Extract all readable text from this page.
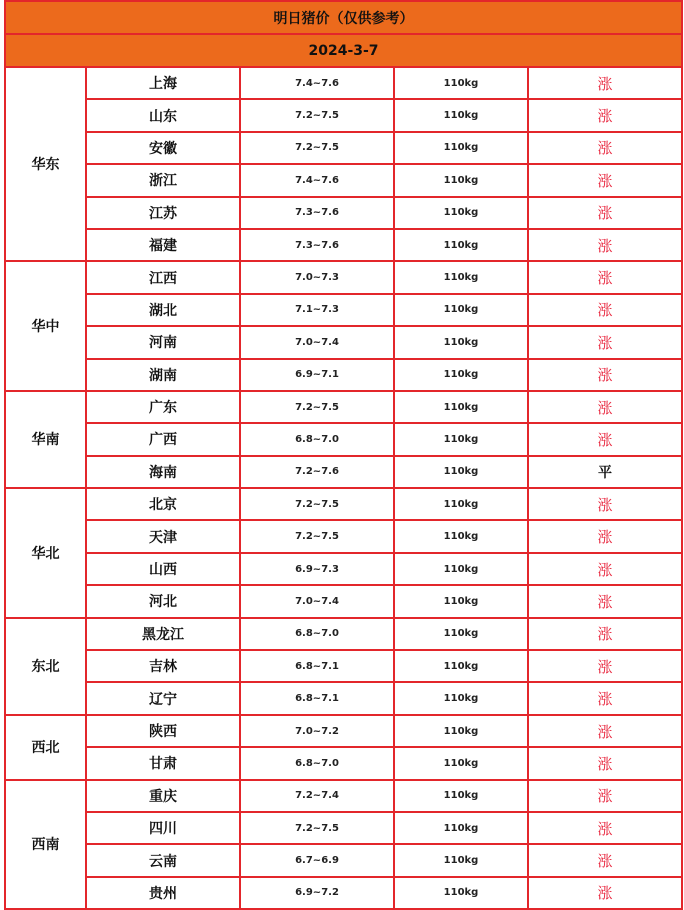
明日猪价（仅供参考）				
2024-3-7				
华东	上海	7.4~7.6	110kg	涨
	山东	7.2~7.5	110kg	涨
	安徽	7.2~7.5	110kg	涨
	浙江	7.4~7.6	110kg	涨
	江苏	7.3~7.6	110kg	涨
	福建	7.3~7.6	110kg	涨
华中	江西	7.0~7.3	110kg	涨
	湖北	7.1~7.3	110kg	涨
	河南	7.0~7.4	110kg	涨
	湖南	6.9~7.1	110kg	涨
华南	广东	7.2~7.5	110kg	涨
	广西	6.8~7.0	110kg	涨
	海南	7.2~7.6	110kg	平
华北	北京	7.2~7.5	110kg	涨
	天津	7.2~7.5	110kg	涨
	山西	6.9~7.3	110kg	涨
	河北	7.0~7.4	110kg	涨
东北	黑龙江	6.8~7.0	110kg	涨
	吉林	6.8~7.1	110kg	涨
	辽宁	6.8~7.1	110kg	涨
西北	陕西	7.0~7.2	110kg	涨
	甘肃	6.8~7.0	110kg	涨
西南	重庆	7.2~7.4	110kg	涨
	四川	7.2~7.5	110kg	涨
	云南	6.7~6.9	110kg	涨
	贵州	6.9~7.2	110kg	涨
